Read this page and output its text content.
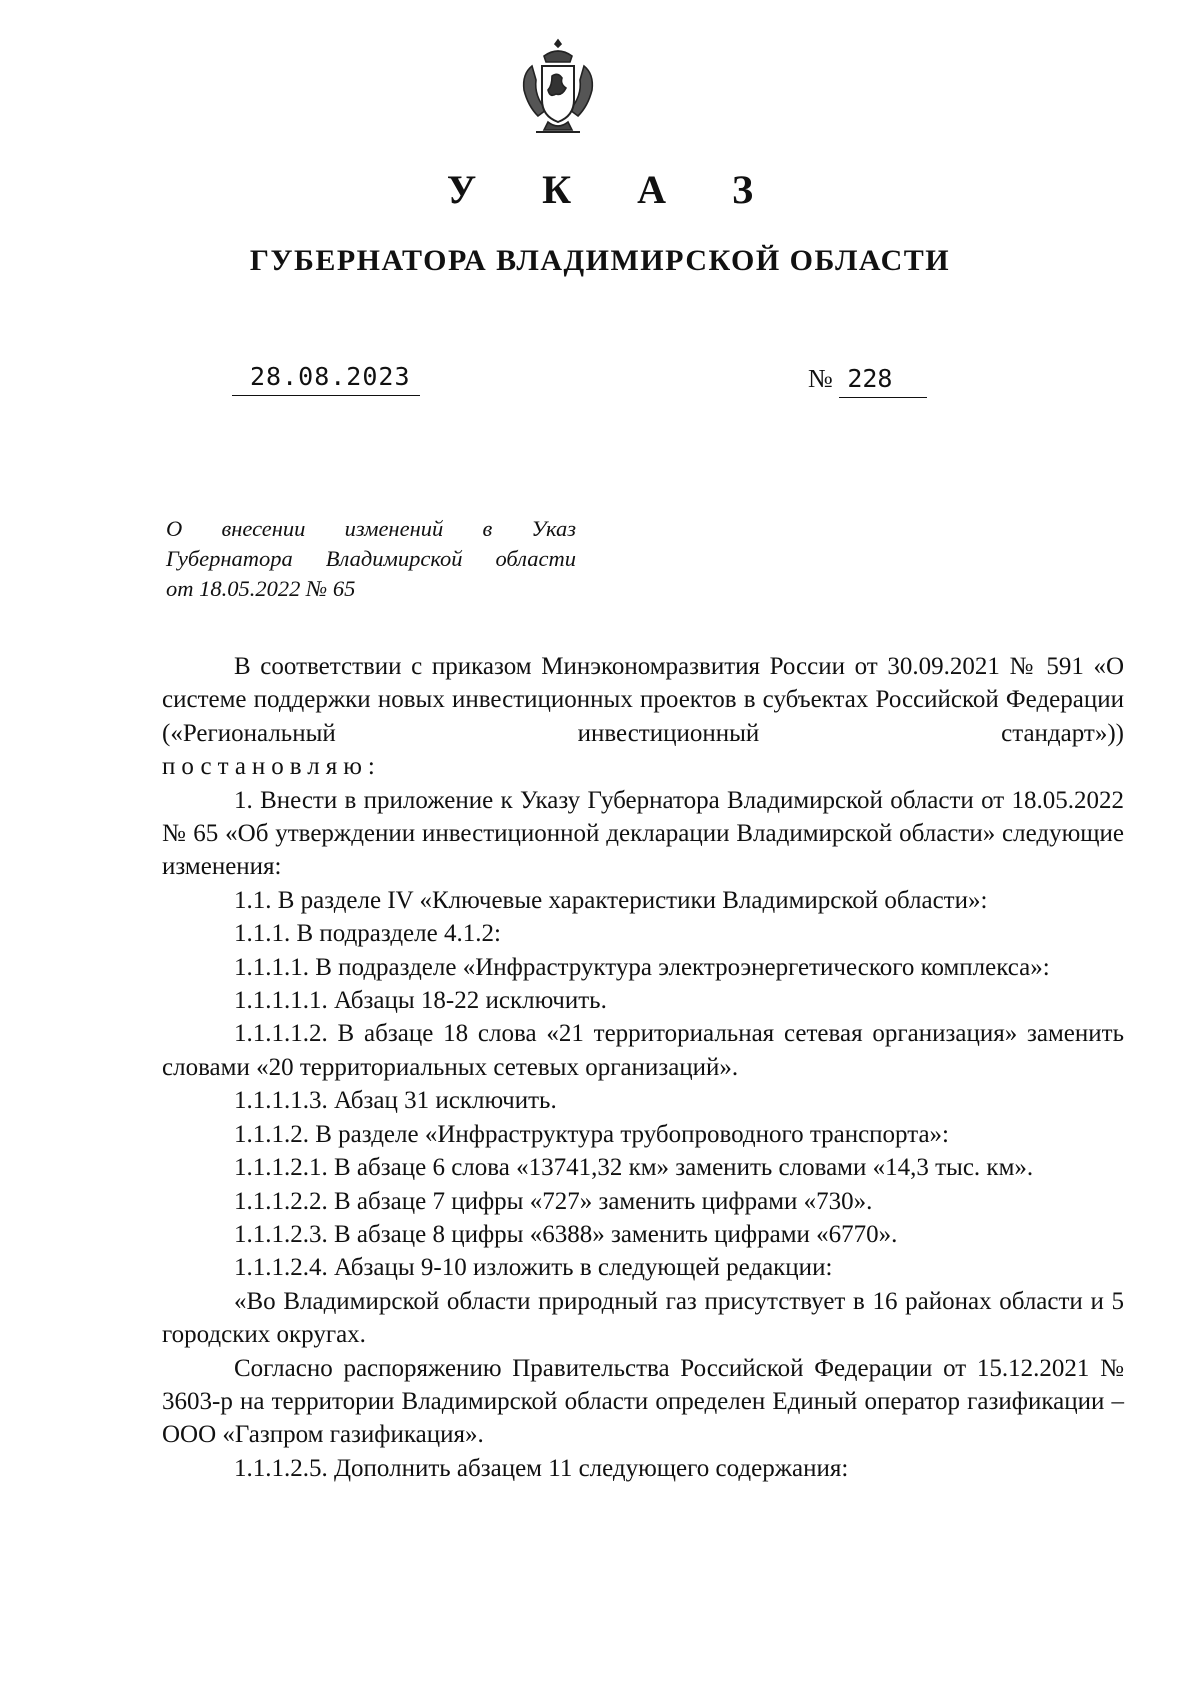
У К А З
ГУБЕРНАТОРА ВЛАДИМИРСКОЙ ОБЛАСТИ
28.08.2023	№ 228
О внесении изменений в Указ
Губернатора Владимирской области
от 18.05.2022 № 65

В соответствии с приказом Минэкономразвития России от 30.09.2021 № 591 «О системе поддержки новых инвестиционных проектов в субъектах Российской Федерации («Региональный инвестиционный стандарт»))

постановляю:

1. Внести в приложение к Указу Губернатора Владимирской области от 18.05.2022 № 65 «Об утверждении инвестиционной декларации Владимирской области» следующие изменения:

1.1. В разделе IV «Ключевые характеристики Владимирской области»:

1.1.1. В подразделе 4.1.2:

1.1.1.1. В подразделе «Инфраструктура электроэнергетического комплекса»:

1.1.1.1.1. Абзацы 18-22 исключить.

1.1.1.1.2. В абзаце 18 слова «21 территориальная сетевая организация» заменить словами «20 территориальных сетевых организаций».

1.1.1.1.3. Абзац 31 исключить.

1.1.1.2. В разделе «Инфраструктура трубопроводного транспорта»:

1.1.1.2.1. В абзаце 6 слова «13741,32 км» заменить словами «14,3 тыс. км».

1.1.1.2.2. В абзаце 7 цифры «727» заменить цифрами «730».

1.1.1.2.3. В абзаце 8 цифры «6388» заменить цифрами «6770».

1.1.1.2.4. Абзацы 9-10 изложить в следующей редакции:

«Во Владимирской области природный газ присутствует в 16 районах области и 5 городских округах.

Согласно распоряжению Правительства Российской Федерации от 15.12.2021 № 3603-р на территории Владимирской области определен Единый оператор газификации – ООО «Газпром газификация».

1.1.1.2.5. Дополнить абзацем 11 следующего содержания:
